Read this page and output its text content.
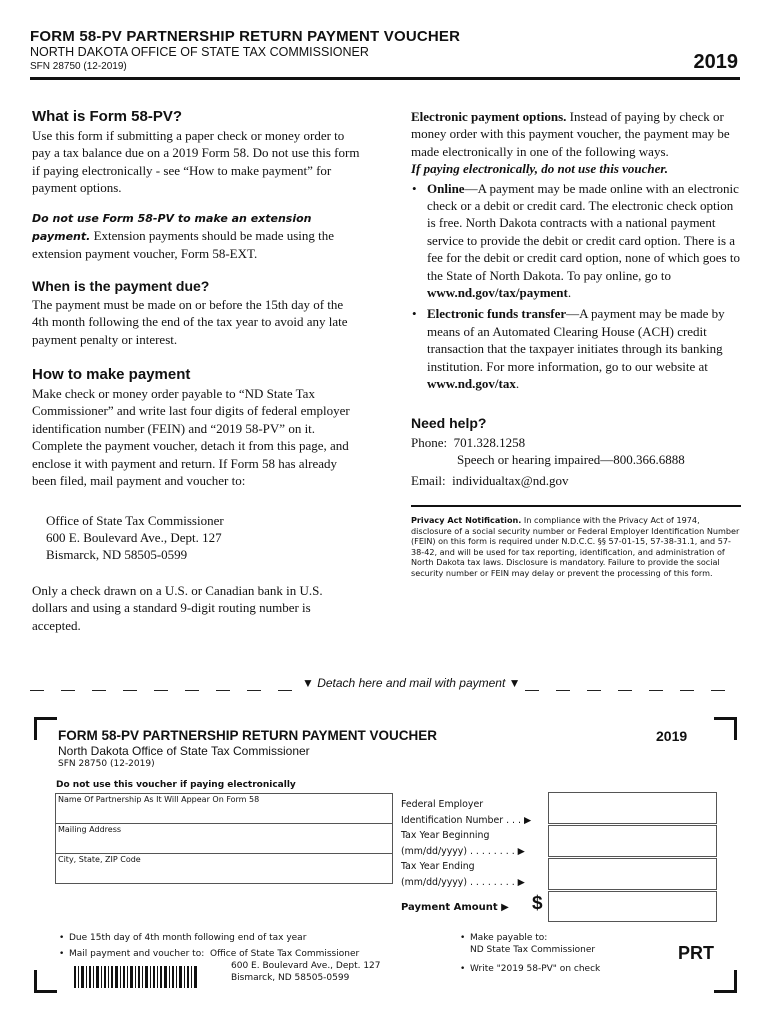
FORM 58-PV PARTNERSHIP RETURN PAYMENT VOUCHER
NORTH DAKOTA OFFICE OF STATE TAX COMMISSIONER
SFN 28750 (12-2019)	2019
What is Form 58-PV?
Use this form if submitting a paper check or money order to pay a tax balance due on a 2019 Form 58. Do not use this form if paying electronically - see “How to make payment” for payment options.
Do not use Form 58-PV to make an extension payment. Extension payments should be made using the extension payment voucher, Form 58-EXT.
When is the payment due?
The payment must be made on or before the 15th day of the 4th month following the end of the tax year to avoid any late payment penalty or interest.
How to make payment
Make check or money order payable to “ND State Tax Commissioner” and write last four digits of federal employer identification number (FEIN) and “2019 58-PV” on it. Complete the payment voucher, detach it from this page, and enclose it with payment and return. If Form 58 has already been filed, mail payment and voucher to:
Office of State Tax Commissioner
600 E. Boulevard Ave., Dept. 127
Bismarck, ND 58505-0599
Only a check drawn on a U.S. or Canadian bank in U.S. dollars and using a standard 9-digit routing number is accepted.
Electronic payment options. Instead of paying by check or money order with this payment voucher, the payment may be made electronically in one of the following ways.
If paying electronically, do not use this voucher.
• Online—A payment may be made online with an electronic check or a debit or credit card. The electronic check option is free. North Dakota contracts with a national payment service to provide the debit or credit card option. There is a fee for the debit or credit card option, none of which goes to the State of North Dakota. To pay online, go to www.nd.gov/tax/payment.
• Electronic funds transfer—A payment may be made by means of an Automated Clearing House (ACH) credit transaction that the taxpayer initiates through its banking institution. For more information, go to our website at www.nd.gov/tax.
Need help?
Phone: 701.328.1258
Speech or hearing impaired—800.366.6888
Email: individualtax@nd.gov
Privacy Act Notification. In compliance with the Privacy Act of 1974, disclosure of a social security number or Federal Employer Identification Number (FEIN) on this form is required under N.D.C.C. §§ 57-01-15, 57-38-31.1, and 57-38-42, and will be used for tax reporting, identification, and administration of North Dakota tax laws. Disclosure is mandatory. Failure to provide the social security number or FEIN may delay or prevent the processing of this form.
▼ Detach here and mail with payment ▼
FORM 58-PV PARTNERSHIP RETURN PAYMENT VOUCHER	2019
North Dakota Office of State Tax Commissioner
SFN 28750 (12-2019)
Do not use this voucher if paying electronically
Name Of Partnership As It Will Appear On Form 58
Mailing Address
City, State, ZIP Code
Federal Employer
Identification Number . . . ▶
Tax Year Beginning
(mm/dd/yyyy) . . . . . . . . ▶
Tax Year Ending
(mm/dd/yyyy) . . . . . . . . ▶
Payment Amount ▶ $
• Due 15th day of 4th month following end of tax year
• Mail payment and voucher to: Office of State Tax Commissioner
600 E. Boulevard Ave., Dept. 127
Bismarck, ND 58505-0599
• Make payable to:
ND State Tax Commissioner
• Write "2019 58-PV" on check
PRT
